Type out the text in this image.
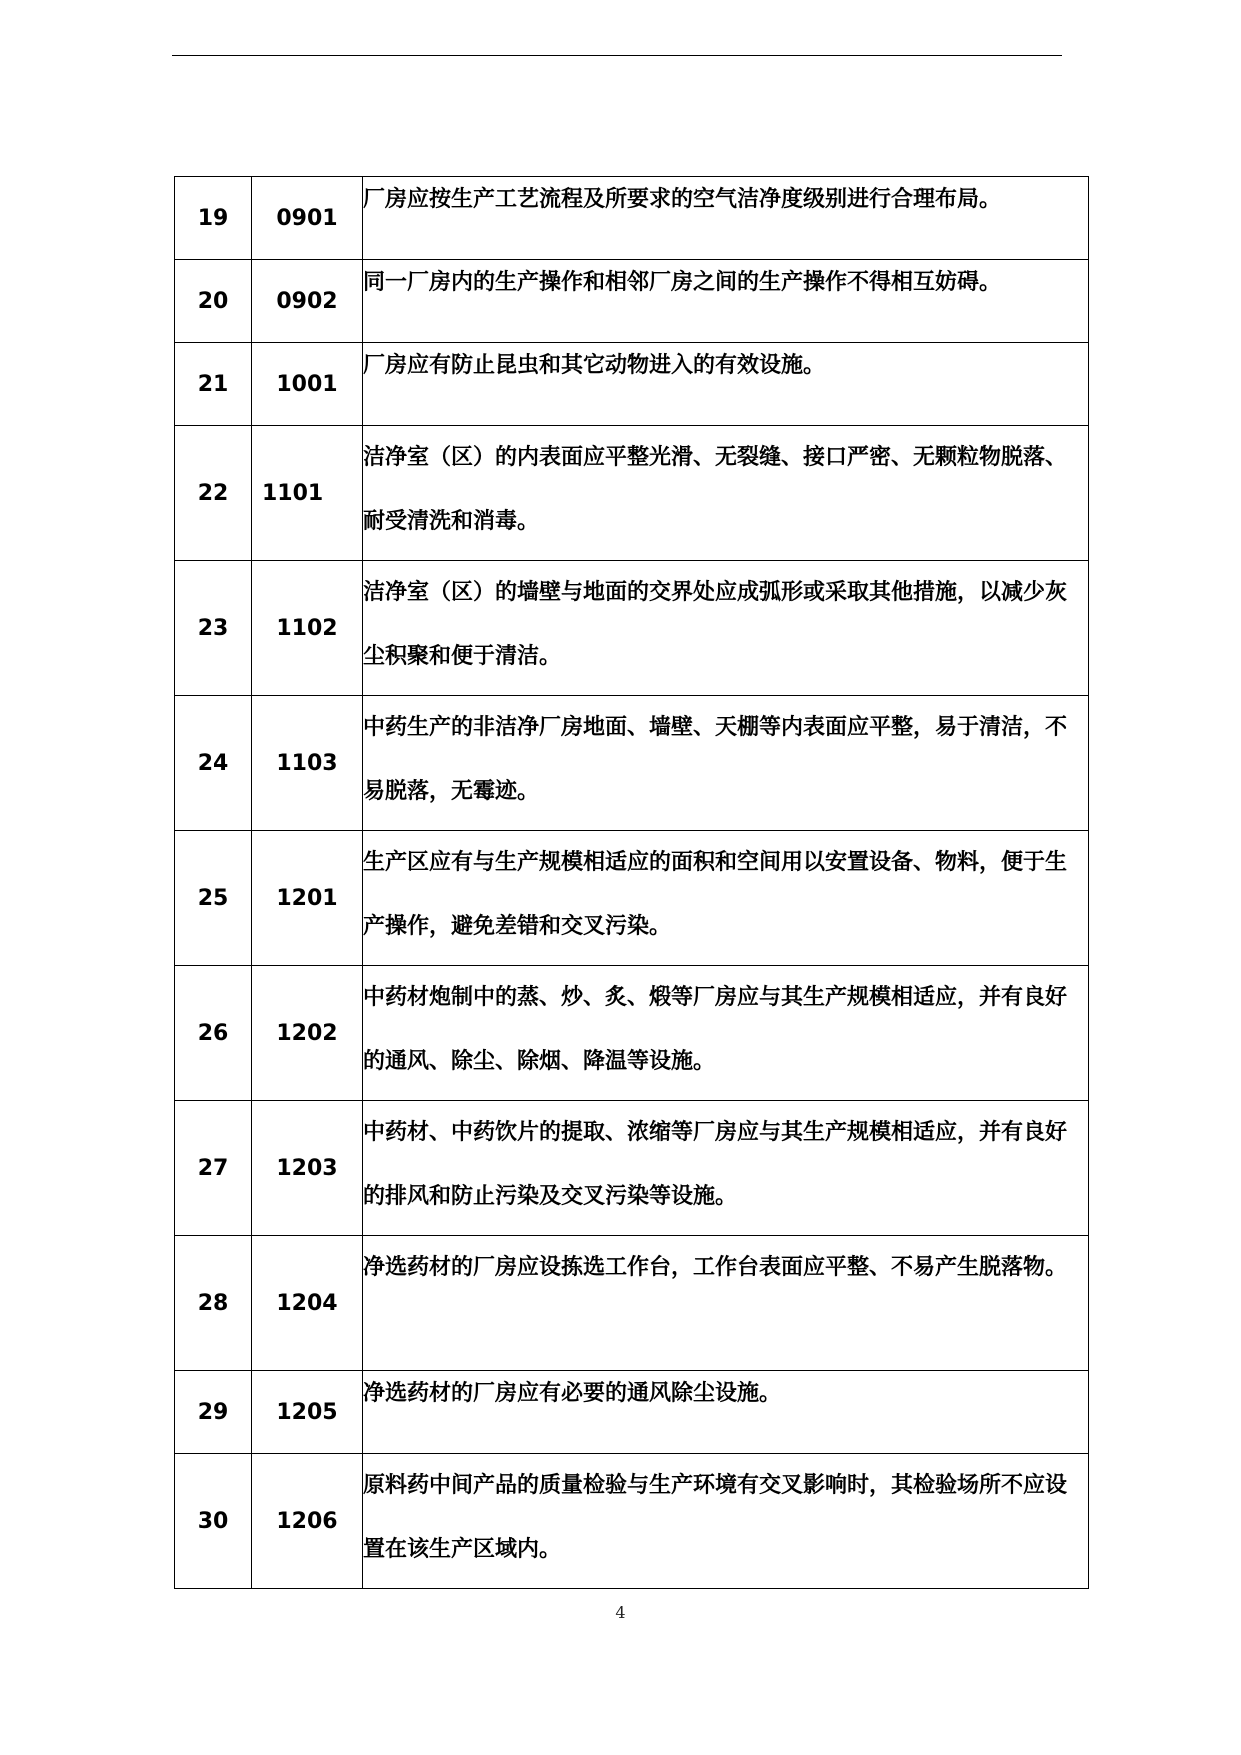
19	0901	厂房应按生产工艺流程及所要求的空气洁净度级别进行合理布局。
20	0902	同一厂房内的生产操作和相邻厂房之间的生产操作不得相互妨碍。
21	1001	厂房应有防止昆虫和其它动物进入的有效设施。
22	1101	洁净室（区）的内表面应平整光滑、无裂缝、接口严密、无颗粒物脱落、耐受清洗和消毒。
23	1102	洁净室（区）的墙壁与地面的交界处应成弧形或采取其他措施，以减少灰尘积聚和便于清洁。
24	1103	中药生产的非洁净厂房地面、墙壁、天棚等内表面应平整，易于清洁，不易脱落，无霉迹。
25	1201	生产区应有与生产规模相适应的面积和空间用以安置设备、物料，便于生产操作，避免差错和交叉污染。
26	1202	中药材炮制中的蒸、炒、炙、煅等厂房应与其生产规模相适应，并有良好的通风、除尘、除烟、降温等设施。
27	1203	中药材、中药饮片的提取、浓缩等厂房应与其生产规模相适应，并有良好的排风和防止污染及交叉污染等设施。
28	1204	净选药材的厂房应设拣选工作台，工作台表面应平整、不易产生脱落物。
29	1205	净选药材的厂房应有必要的通风除尘设施。
30	1206	原料药中间产品的质量检验与生产环境有交叉影响时，其检验场所不应设置在该生产区域内。
4
